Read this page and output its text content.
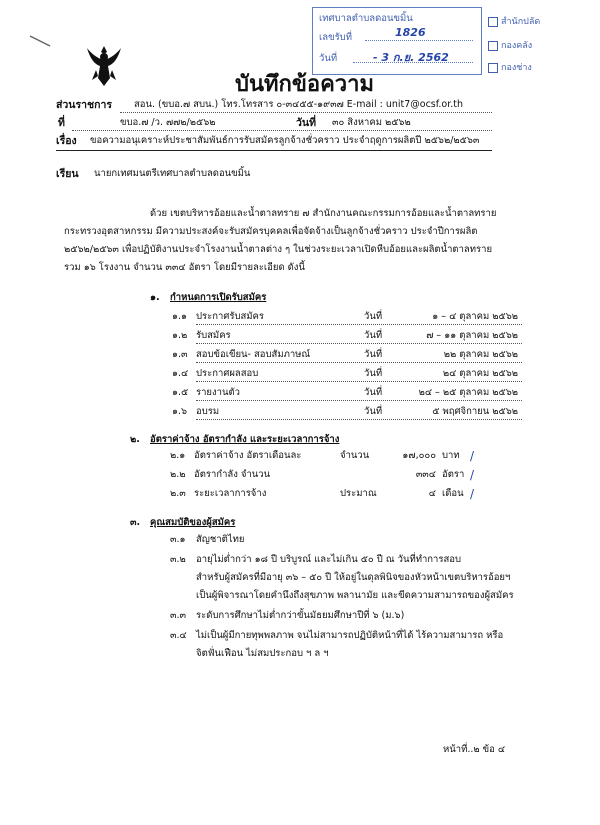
บันทึกข้อความ
เทศบาลตำบลดอนขมิ้น
เลขรับที่	1826
วันที่	- 3 ก.ย. 2562
สำนักปลัด
กองคลัง
กองช่าง
ส่วนราชการ สอน. (ขบอ.๗ สบน.) โทร.โทรสาร ๐-๓๔๕๕-๑๙๓๗ E-mail : unit7@ocsf.or.th
ที่	ขบอ.๗ /ว. ๗๗๒/๒๕๖๒	วันที่ ๓๐ สิงหาคม ๒๕๖๒
เรื่อง ขอความอนุเคราะห์ประชาสัมพันธ์การรับสมัครลูกจ้างชั่วคราว ประจำฤดูการผลิตปี ๒๕๖๒/๒๕๖๓
เรียน นายกเทศมนตรีเทศบาลตำบลดอนขมิ้น
ด้วย เขตบริหารอ้อยและน้ำตาลทราย ๗ สำนักงานคณะกรรมการอ้อยและน้ำตาลทราย
กระทรวงอุตสาหกรรม มีความประสงค์จะรับสมัครบุคคลเพื่อจัดจ้างเป็นลูกจ้างชั่วคราว ประจำปีการผลิต
๒๕๖๒/๒๕๖๓ เพื่อปฏิบัติงานประจำโรงงานน้ำตาลต่าง ๆ ในช่วงระยะเวลาเปิดหีบอ้อยและผลิตน้ำตาลทราย
รวม ๑๖ โรงงาน จำนวน ๓๓๔ อัตรา โดยมีรายละเอียด ดังนี้
๑. กำหนดการเปิดรับสมัคร
๑.๑ ประกาศรับสมัคร	วันที่	๑ – ๔ ตุลาคม ๒๕๖๒
๑.๒ รับสมัคร	วันที่	๗ – ๑๑ ตุลาคม ๒๕๖๒
๑.๓ สอบข้อเขียน- สอบสัมภาษณ์	วันที่	๒๒ ตุลาคม ๒๕๖๒
๑.๔ ประกาศผลสอบ	วันที่	๒๔ ตุลาคม ๒๕๖๒
๑.๕ รายงานตัว	วันที่	๒๔ – ๒๕ ตุลาคม ๒๕๖๒
๑.๖ อบรม	วันที่	๕ พฤศจิกายน ๒๕๖๒
๒. อัตราค่าจ้าง อัตรากำลัง และระยะเวลาการจ้าง
๒.๑ อัตราค่าจ้าง อัตราเดือนละ	จำนวน	๑๗,๐๐๐ บาท /
๒.๒ อัตรากำลัง จำนวน	๓๓๔ อัตรา /
๒.๓ ระยะเวลาการจ้าง	ประมาณ	๔ เดือน /
๓. คุณสมบัติของผู้สมัคร
๓.๑ สัญชาติไทย
๓.๒ อายุไม่ต่ำกว่า ๑๘ ปี บริบูรณ์ และไม่เกิน ๕๐ ปี ณ วันที่ทำการสอบ
สำหรับผู้สมัครที่มีอายุ ๓๖ – ๕๐ ปี ให้อยู่ในดุลพินิจของหัวหน้าเขตบริหารอ้อยฯ
เป็นผู้พิจารณาโดยคำนึงถึงสุขภาพ พลานามัย และขีดความสามารถของผู้สมัคร
๓.๓ ระดับการศึกษาไม่ต่ำกว่าขั้นมัธยมศึกษาปีที่ ๖ (ม.๖)
๓.๔ ไม่เป็นผู้มีกายทุพพลภาพ จนไม่สามารถปฏิบัติหน้าที่ได้ ไร้ความสามารถ หรือ
จิตฟั่นเฟือน ไม่สมประกอบ ฯ ล ฯ
หน้าที่..๒ ข้อ ๔
